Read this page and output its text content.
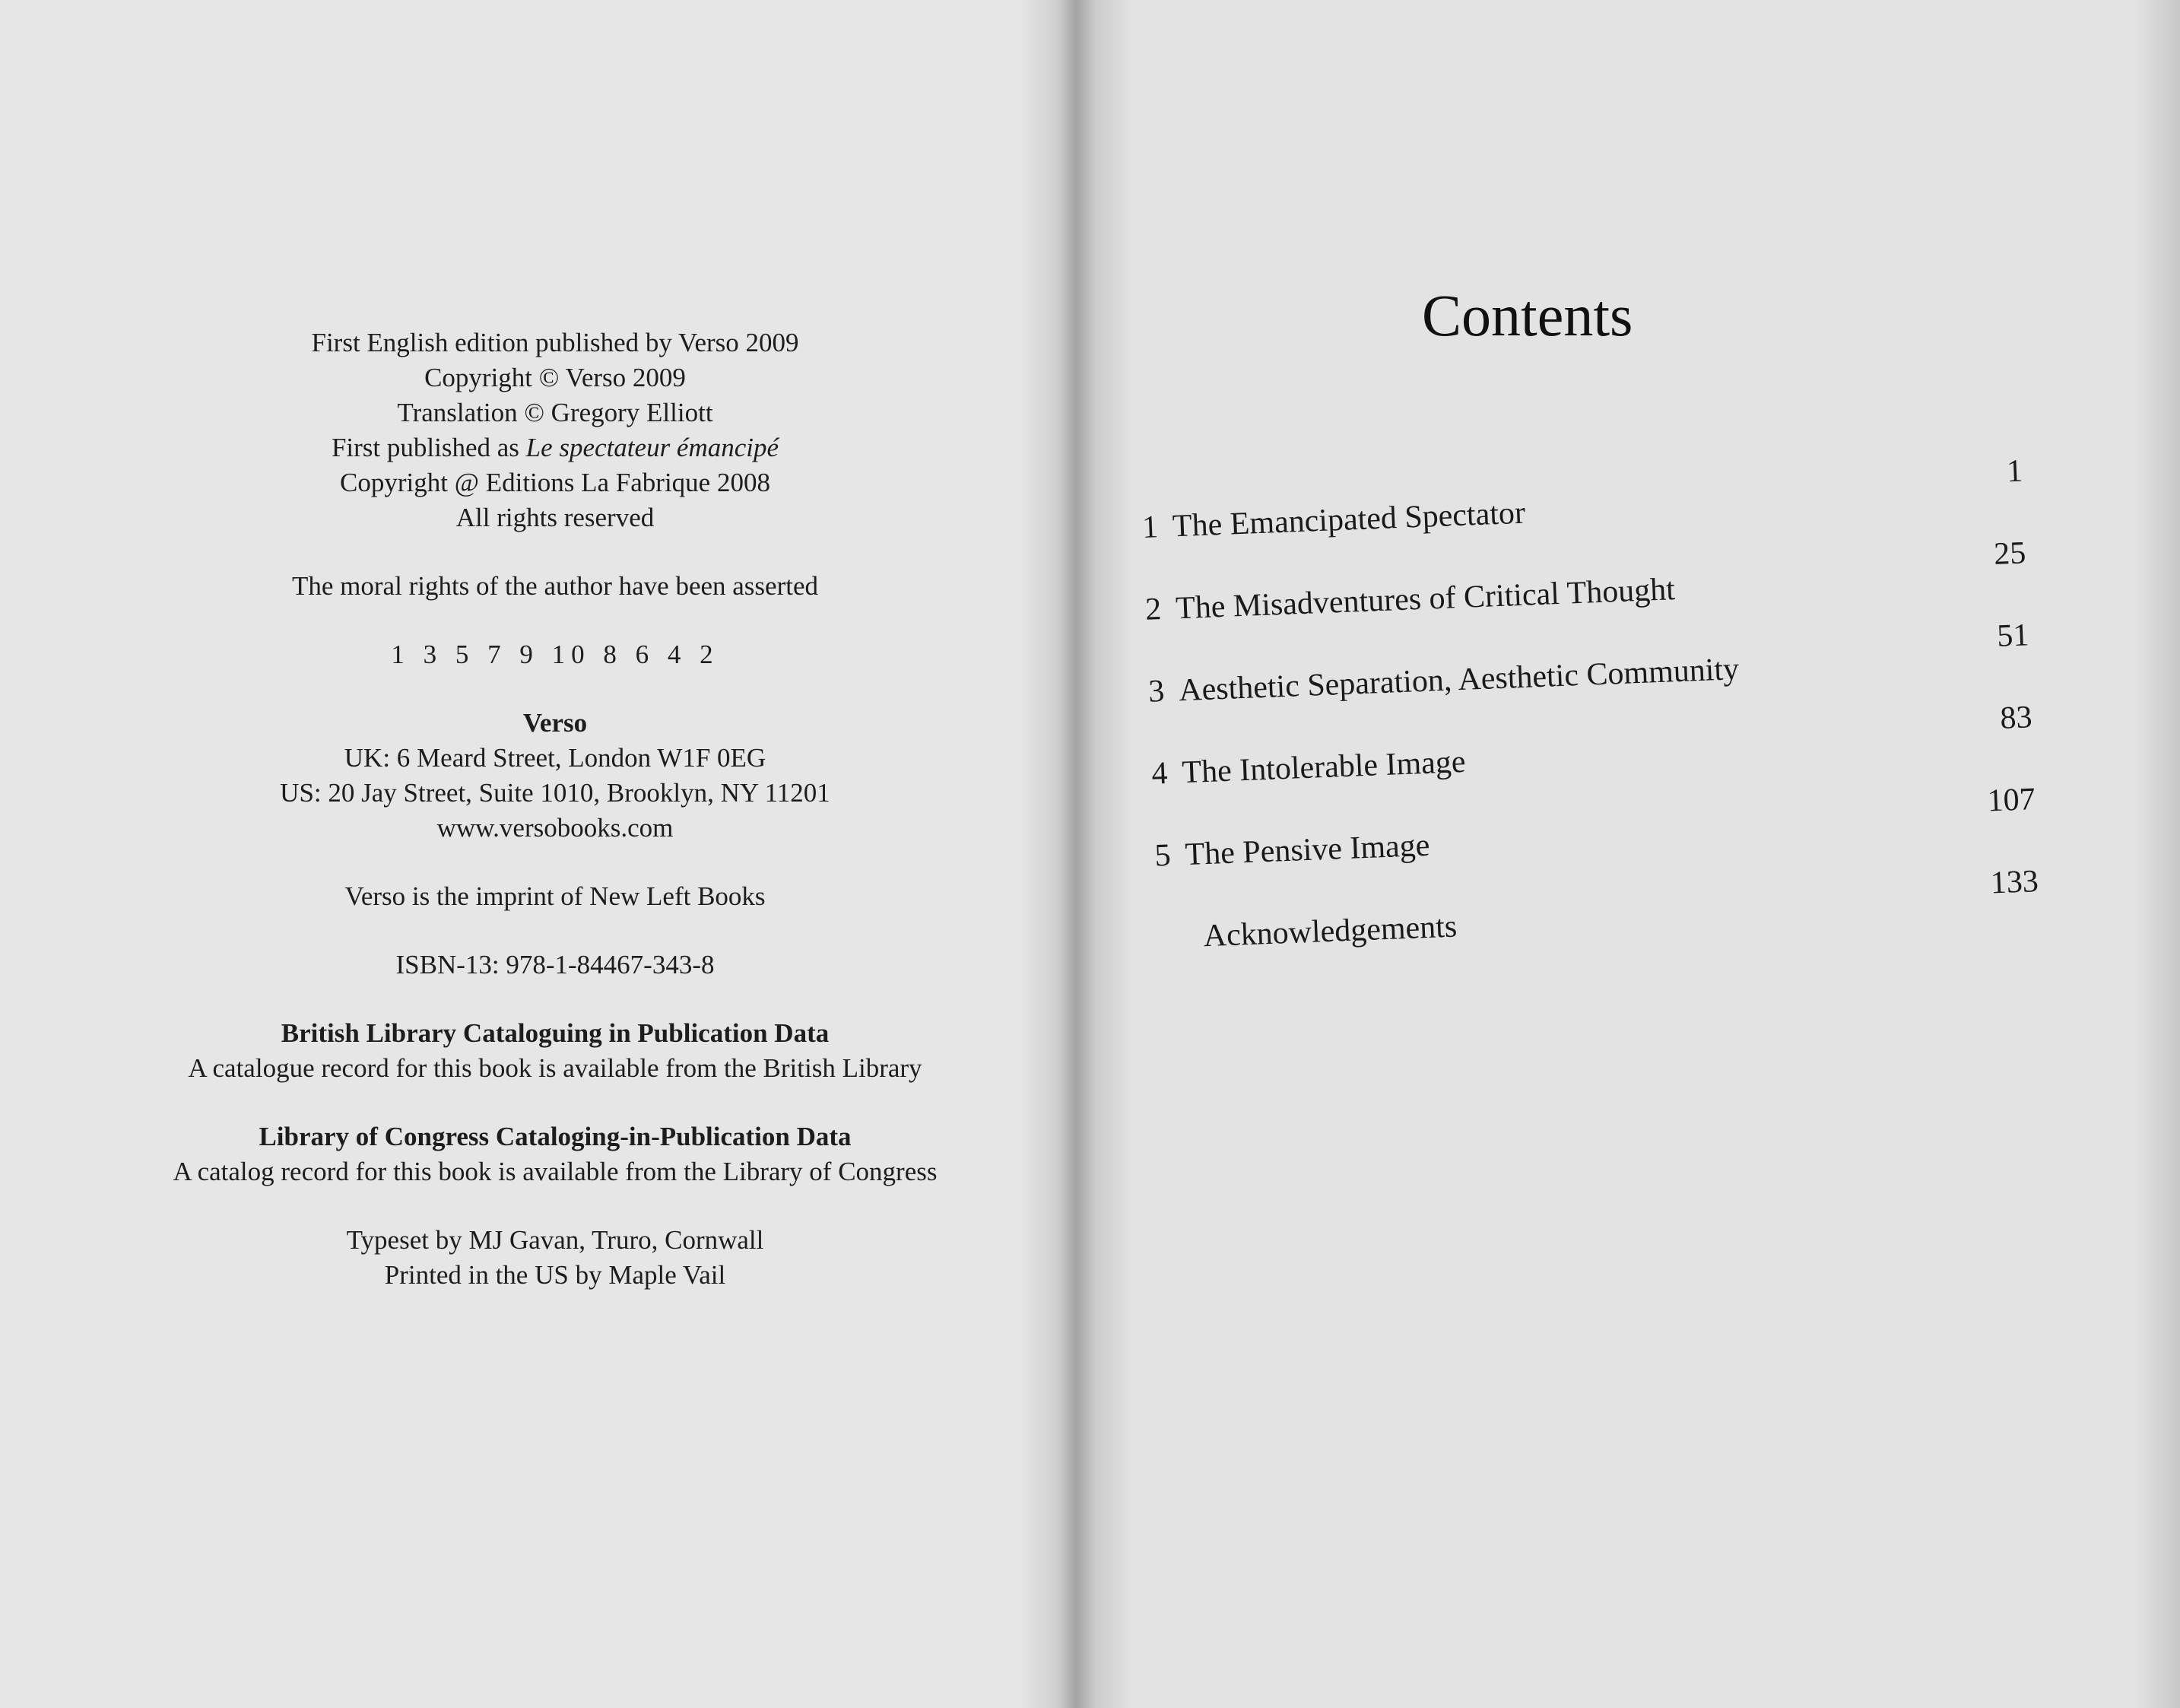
First English edition published by Verso 2009

Copyright © Verso 2009

Translation © Gregory Elliott

First published as Le spectateur émancipé

Copyright @ Editions La Fabrique 2008

All rights reserved

The moral rights of the author have been asserted

1 3 5 7 9 10 8 6 4 2

Verso

UK: 6 Meard Street, London W1F 0EG

US: 20 Jay Street, Suite 1010, Brooklyn, NY 11201

www.versobooks.com

Verso is the imprint of New Left Books

ISBN-13: 978-1-84467-343-8

British Library Cataloguing in Publication Data

A catalogue record for this book is available from the British Library

Library of Congress Cataloging-in-Publication Data

A catalog record for this book is available from the Library of Congress

Typeset by MJ Gavan, Truro, Cornwall

Printed in the US by Maple Vail

Contents
1 The Emancipated Spectator
1
2 The Misadventures of Critical Thought
25
3 Aesthetic Separation, Aesthetic Community
51
4 The Intolerable Image
83
5 The Pensive Image
107
Acknowledgements
133
